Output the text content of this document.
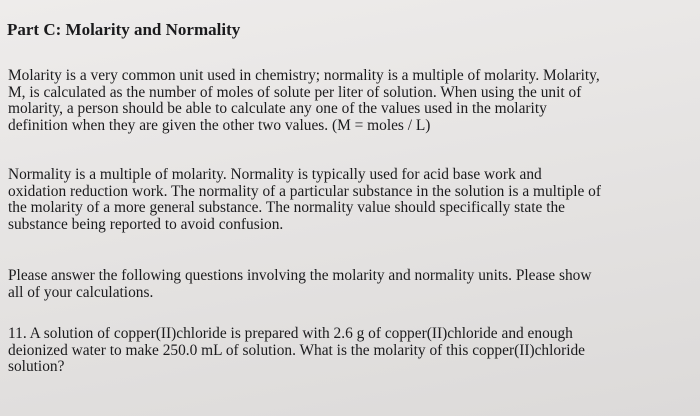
Part C: Molarity and Normality
Molarity is a very common unit used in chemistry; normality is a multiple of molarity. Molarity,
M, is calculated as the number of moles of solute per liter of solution. When using the unit of
molarity, a person should be able to calculate any one of the values used in the molarity
definition when they are given the other two values. (M = moles / L)
Normality is a multiple of molarity. Normality is typically used for acid base work and
oxidation reduction work. The normality of a particular substance in the solution is a multiple of
the molarity of a more general substance. The normality value should specifically state the
substance being reported to avoid confusion.
Please answer the following questions involving the molarity and normality units. Please show
all of your calculations.
11. A solution of copper(II)chloride is prepared with 2.6 g of copper(II)chloride and enough
deionized water to make 250.0 mL of solution. What is the molarity of this copper(II)chloride
solution?
